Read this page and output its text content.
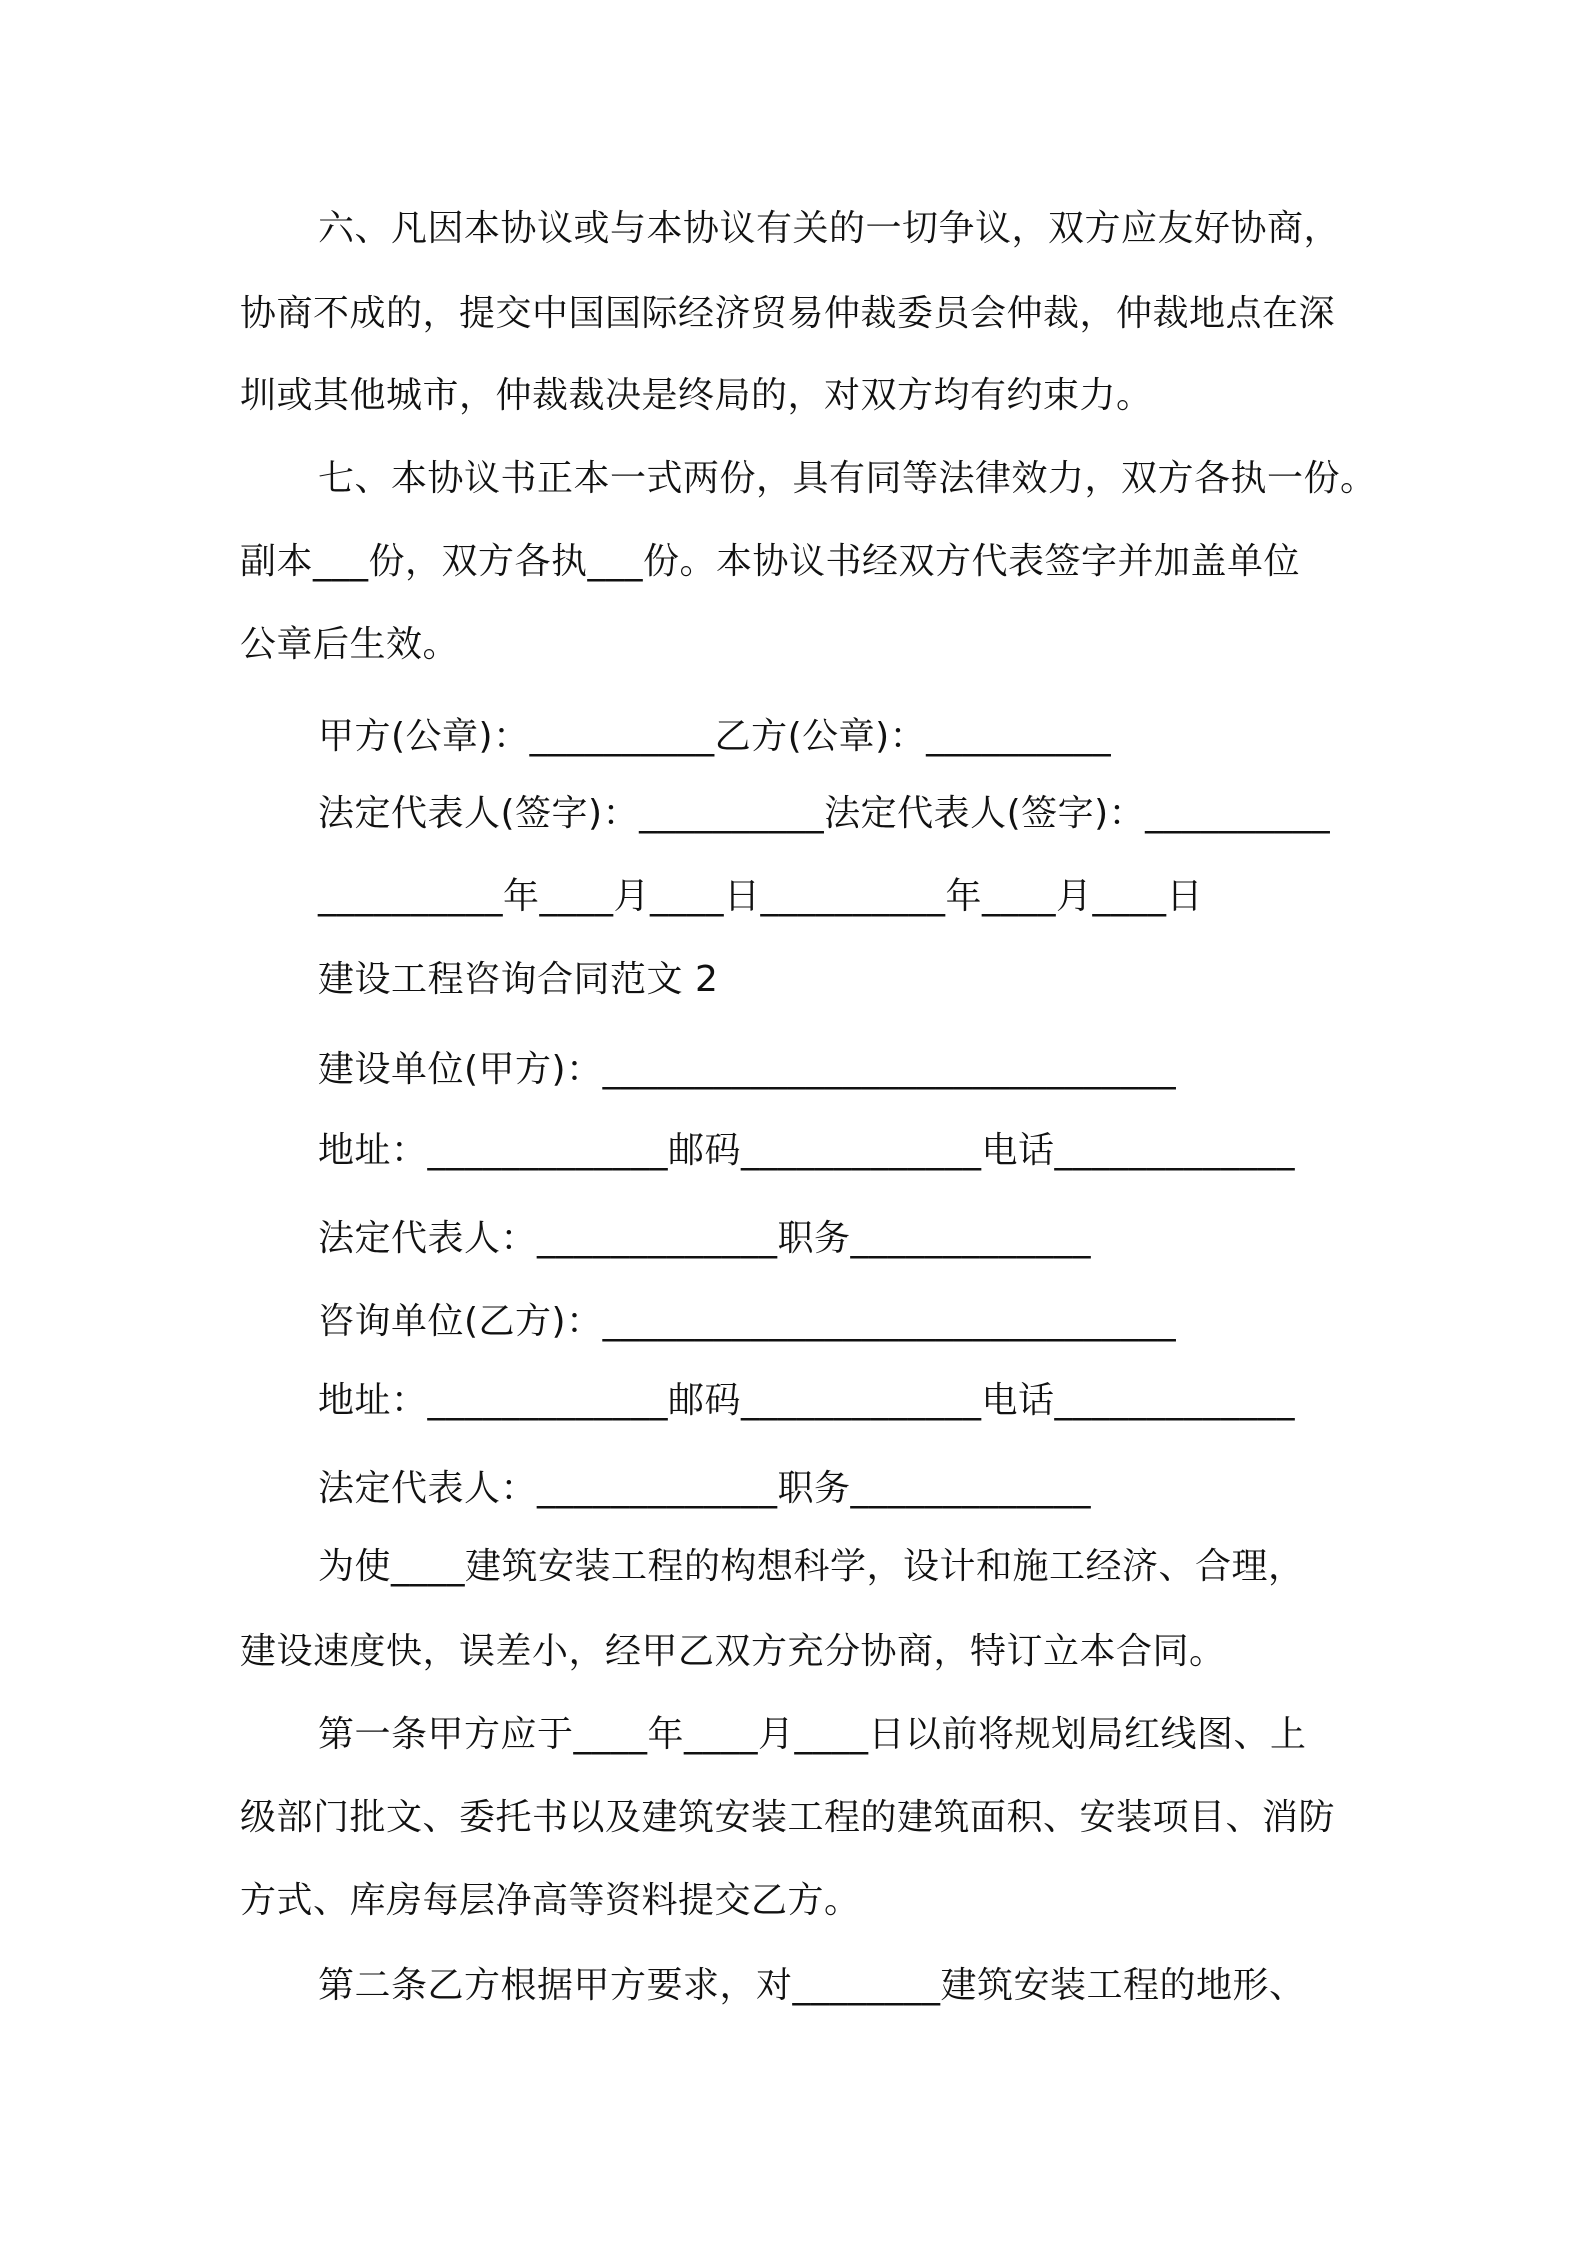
六、凡因本协议或与本协议有关的一切争议，双方应友好协商，
协商不成的，提交中国国际经济贸易仲裁委员会仲裁，仲裁地点在深
圳或其他城市，仲裁裁决是终局的，对双方均有约束力。
七、本协议书正本一式两份，具有同等法律效力，双方各执一份。
副本___份，双方各执___份。本协议书经双方代表签字并加盖单位
公章后生效。
甲方(公章)：__________乙方(公章)：__________
法定代表人(签字)：__________法定代表人(签字)：__________
__________年____月____日__________年____月____日
建设工程咨询合同范文 2
建设单位(甲方)：_______________________________
地址：_____________邮码_____________电话_____________
法定代表人：_____________职务_____________
咨询单位(乙方)：_______________________________
地址：_____________邮码_____________电话_____________
法定代表人：_____________职务_____________
为使____建筑安装工程的构想科学，设计和施工经济、合理，
建设速度快，误差小，经甲乙双方充分协商，特订立本合同。
第一条甲方应于____年____月____日以前将规划局红线图、上
级部门批文、委托书以及建筑安装工程的建筑面积、安装项目、消防
方式、库房每层净高等资料提交乙方。
第二条乙方根据甲方要求，对________建筑安装工程的地形、
